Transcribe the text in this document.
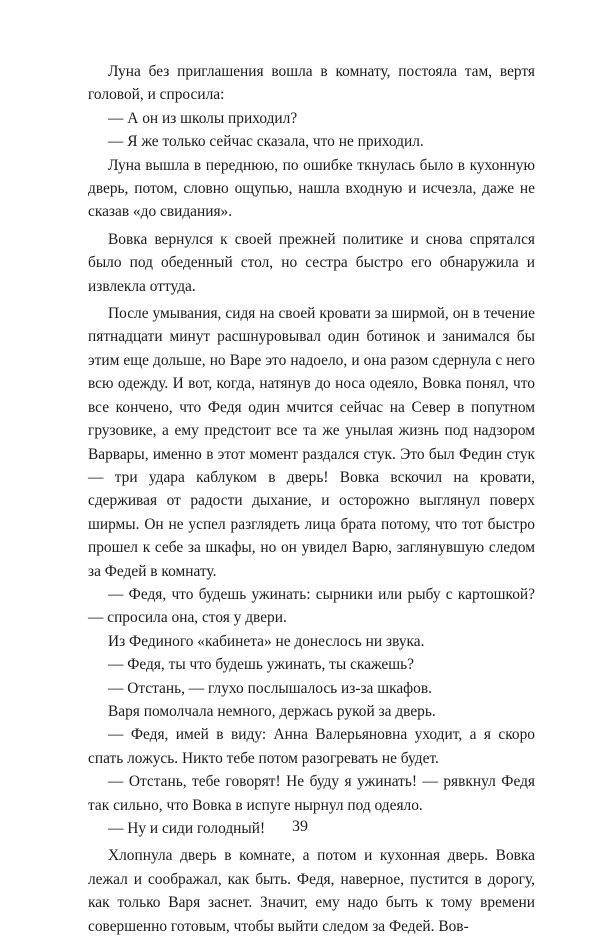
Луна без приглашения вошла в комнату, постояла там, вертя головой, и спросила:

— А он из школы приходил?

— Я же только сейчас сказала, что не приходил.

Луна вышла в переднюю, по ошибке ткнулась было в кухонную дверь, потом, словно ощупью, нашла входную и исчезла, даже не сказав «до свидания».

Вовка вернулся к своей прежней политике и снова спрятался было под обеденный стол, но сестра быстро его обнаружила и извлекла оттуда.

После умывания, сидя на своей кровати за ширмой, он в течение пятнадцати минут расшнуровывал один ботинок и занимался бы этим еще дольше, но Варе это надоело, и она разом сдернула с него всю одежду. И вот, когда, натянув до носа одеяло, Вовка понял, что все кончено, что Федя один мчится сейчас на Север в попутном грузовике, а ему предстоит все та же унылая жизнь под надзором Варвары, именно в этот момент раздался стук. Это был Федин стук — три удара каблуком в дверь! Вовка вскочил на кровати, сдерживая от радости дыхание, и осторожно выглянул поверх ширмы. Он не успел разглядеть лица брата потому, что тот быстро прошел к себе за шкафы, но он увидел Варю, заглянувшую следом за Федей в комнату.

— Федя, что будешь ужинать: сырники или рыбу с картошкой? — спросила она, стоя у двери.

Из Фединого «кабинета» не донеслось ни звука.

— Федя, ты что будешь ужинать, ты скажешь?

— Отстань, — глухо послышалось из-за шкафов.

Варя помолчала немного, держась рукой за дверь.

— Федя, имей в виду: Анна Валерьяновна уходит, а я скоро спать ложусь. Никто тебе потом разогревать не будет.

— Отстань, тебе говорят! Не буду я ужинать! — рявкнул Федя так сильно, что Вовка в испуге нырнул под одеяло.

— Ну и сиди голодный!

Хлопнула дверь в комнате, а потом и кухонная дверь. Вовка лежал и соображал, как быть. Федя, наверное, пустится в дорогу, как только Варя заснет. Значит, ему надо быть к тому времени совершенно готовым, чтобы выйти следом за Федей. Вов-

39
